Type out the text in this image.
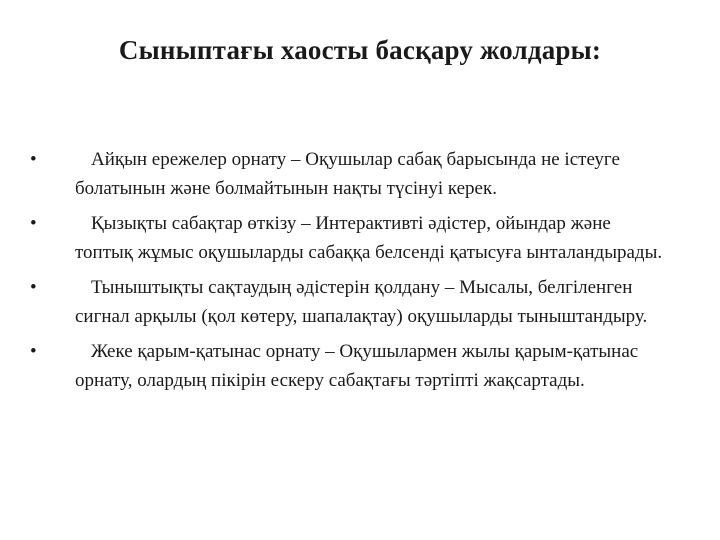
Сыныптағы хаосты басқару жолдары:
•	Айқын ережелер орнату – Оқушылар сабақ барысында не істеуге болатынын және болмайтынын нақты түсінуі керек.
•	Қызықты сабақтар өткізу – Интерактивті әдістер, ойындар және топтық жұмыс оқушыларды сабаққа белсенді қатысуға ынталандырады.
•	Тыныштықты сақтаудың әдістерін қолдану – Мысалы, белгіленген сигнал арқылы (қол көтеру, шапалақтау) оқушыларды тыныштандыру.
•	Жеке қарым-қатынас орнату – Оқушылармен жылы қарым-қатынас орнату, олардың пікірін ескеру сабақтағы тәртіпті жақсартады.
